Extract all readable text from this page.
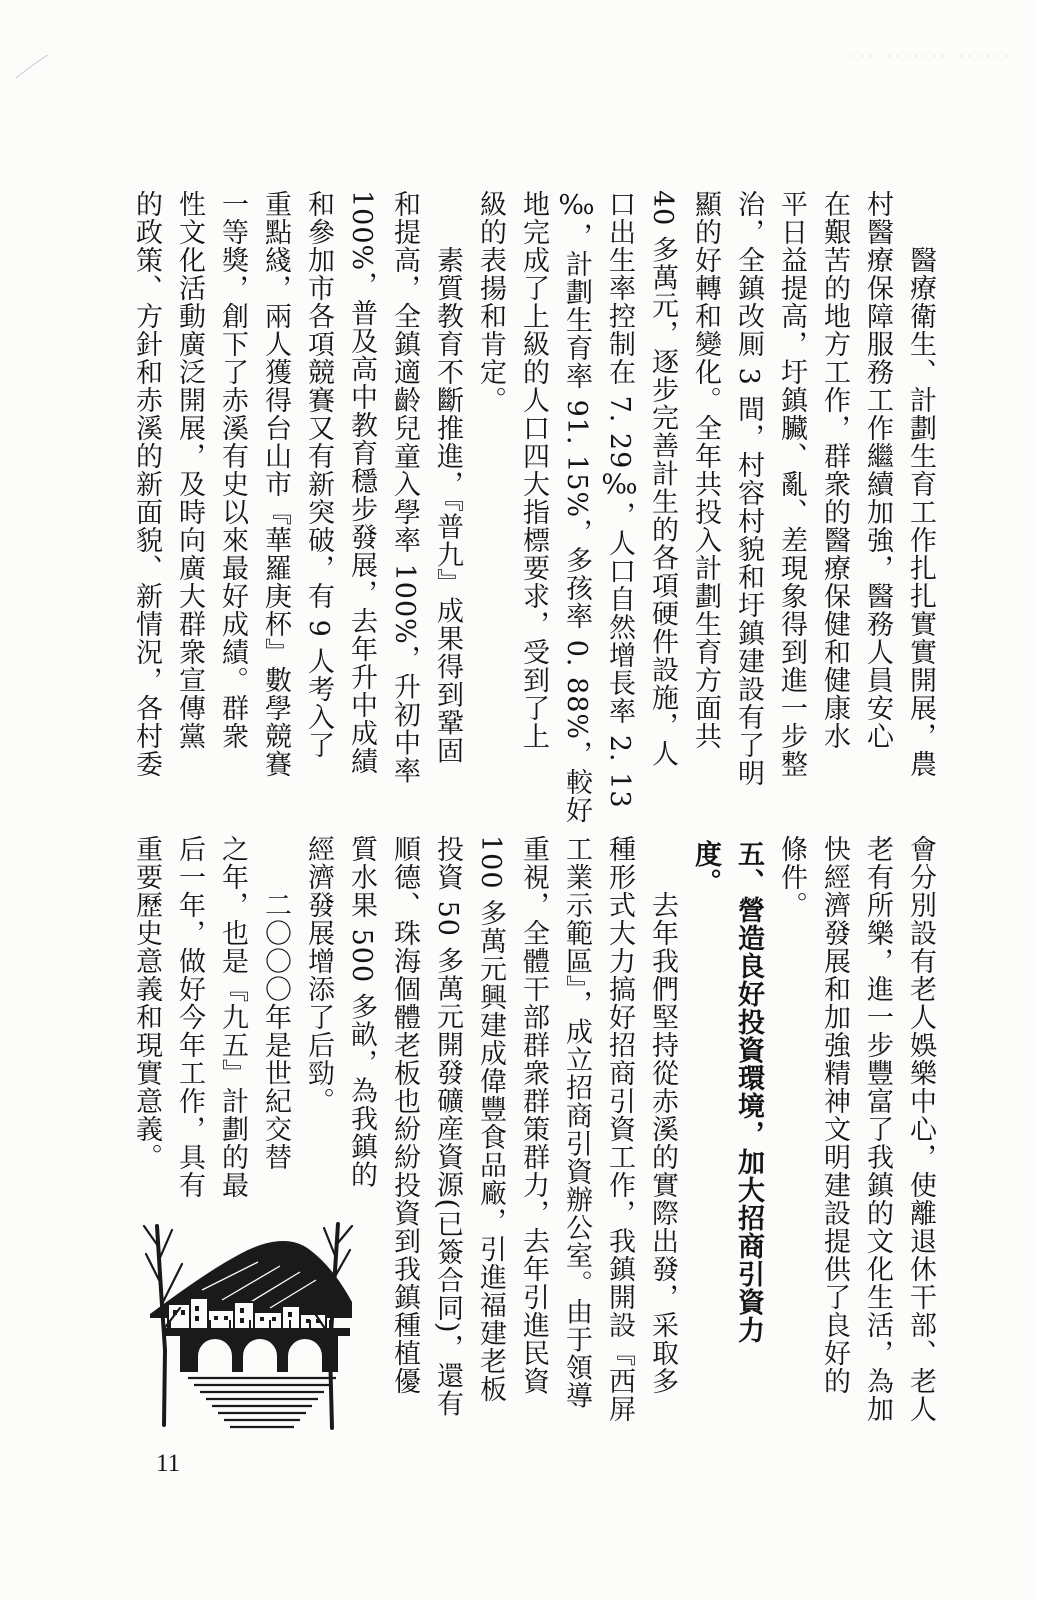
醫療衛生、計劃生育工作扎扎實實開展，農
村醫療保障服務工作繼續加強，醫務人員安心
在艱苦的地方工作，群衆的醫療保健和健康水
平日益提高，圩鎮臟、亂、差現象得到進一步整
治，全鎮改厠 3 間，村容村貌和圩鎮建設有了明
顯的好轉和變化。全年共投入計劃生育方面共
40 多萬元，逐步完善計生的各項硬件設施，人
口出生率控制在 7. 29‰，人口自然增長率 2. 13
‰，計劃生育率 91. 15%，多孩率 0. 88%，較好
地完成了上級的人口四大指標要求，受到了上
級的表揚和肯定。
素質教育不斷推進，『普九』成果得到鞏固
和提高，全鎮適齡兒童入學率 100%，升初中率
100%，普及高中教育穩步發展，去年升中成績
和參加市各項競賽又有新突破，有 9 人考入了
重點綫，兩人獲得台山市『華羅庚杯』數學競賽
一等獎，創下了赤溪有史以來最好成績。群衆
性文化活動廣泛開展，及時向廣大群衆宣傳黨
的政策、方針和赤溪的新面貌、新情況，各村委
會分別設有老人娛樂中心，使離退休干部、老人
老有所樂，進一步豐富了我鎮的文化生活，為加
快經濟發展和加強精神文明建設提供了良好的
條件。
五、營造良好投資環境，加大招商引資力
度。
去年我們堅持從赤溪的實際出發，采取多
種形式大力搞好招商引資工作，我鎮開設『西屏
工業示範區』，成立招商引資辦公室。由于領導
重視，全體干部群衆群策群力，去年引進民資
100 多萬元興建成偉豐食品廠，引進福建老板
投資 50 多萬元開發礦産資源(已簽合同)，還有
順德、珠海個體老板也紛紛投資到我鎮種植優
質水果 500 多畝，為我鎮的
經濟發展增添了后勁。
二〇〇〇年是世紀交替
之年，也是『九五』計劃的最
后一年，做好今年工作，具有
重要歷史意義和現實意義。
11
